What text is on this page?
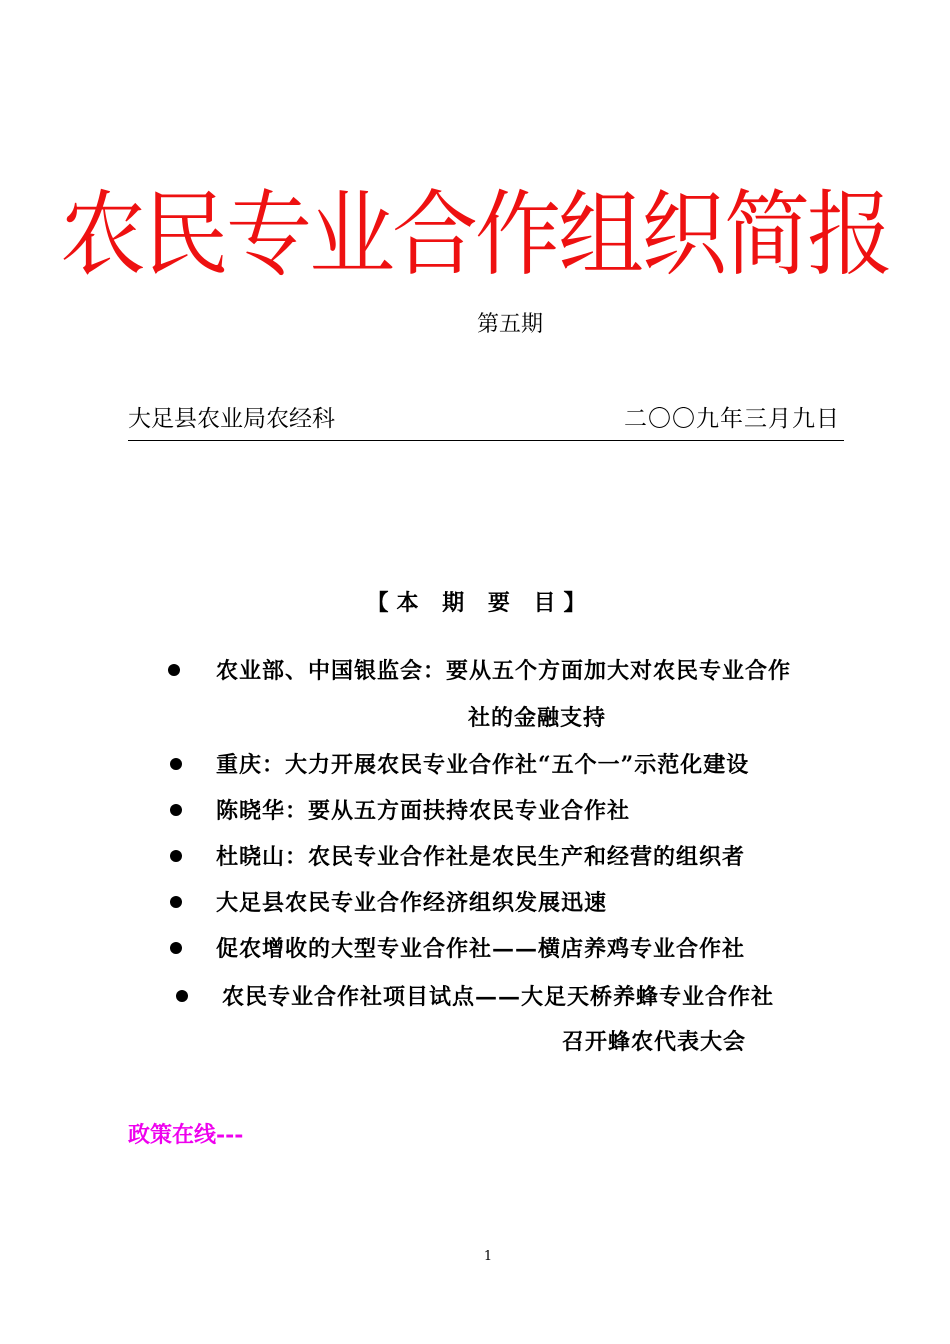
农民专业合作组织简报
第五期
大足县农业局农经科	二〇〇九年三月九日
【本 期 要 目】
农业部、中国银监会：要从五个方面加大对农民专业合作
社的金融支持
重庆：大力开展农民专业合作社“五个一”示范化建设
陈晓华：要从五方面扶持农民专业合作社
杜晓山：农民专业合作社是农民生产和经营的组织者
大足县农民专业合作经济组织发展迅速
促农增收的大型专业合作社——横店养鸡专业合作社
农民专业合作社项目试点——大足天桥养蜂专业合作社
召开蜂农代表大会
政策在线---
1
